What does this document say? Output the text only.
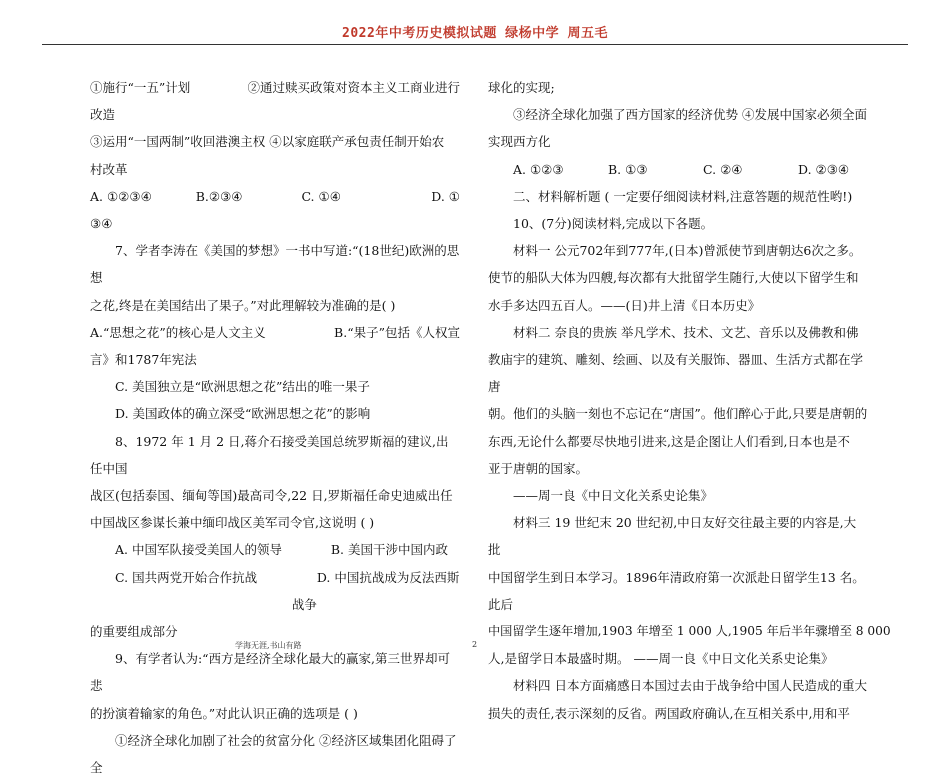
2022年中考历史模拟试题 绿杨中学 周五毛

①施行“一五”计划	②通过赎买政策对资本主义工商业进行

改造

③运用“一国两制”收回港澳主权 ④以家庭联产承包责任制开始农

村改革

A. ①②③④	B.②③④	C. ①④	D. ①

③④

7、学者李涛在《美国的梦想》一书中写道:“(18世纪)欧洲的思想

之花,终是在美国结出了果子。”对此理解较为准确的是( )

A.“思想之花”的核心是人文主义	B.“果子”包括《人权宣

言》和1787年宪法

C. 美国独立是“欧洲思想之花”结出的唯一果子

D. 美国政体的确立深受“欧洲思想之花”的影响

8、1972 年 1 月 2 日,蒋介石接受美国总统罗斯福的建议,出任中国

战区(包括泰国、缅甸等国)最高司令,22 日,罗斯福任命史迪威出任

中国战区参谋长兼中缅印战区美军司令官,这说明 ( )

A. 中国军队接受美国人的领导	B. 美国干涉中国内政

C. 国共两党开始合作抗战	D. 中国抗战成为反法西斯战争

的重要组成部分

9、有学者认为:“西方是经济全球化最大的赢家,第三世界却可悲

的扮演着输家的角色。”对此认识正确的选项是 ( )

①经济全球化加剧了社会的贫富分化 ②经济区域集团化阻碍了全

球化的实现;

③经济全球化加强了西方国家的经济优势 ④发展中国家必须全面

实现西方化

A. ①②③	B. ①③	C. ②④	D. ②③④

二、材料解析题 ( 一定要仔细阅读材料,注意答题的规范性哟!)

10、(7分)阅读材料,完成以下各题。

材料一 公元702年到777年,(日本)曾派使节到唐朝达6次之多。

使节的船队大体为四艘,每次都有大批留学生随行,大使以下留学生和

水手多达四五百人。——(日)井上清《日本历史》

材料二 奈良的贵族 举凡学术、技术、文艺、音乐以及佛教和佛

教庙宇的建筑、雕刻、绘画、以及有关服饰、器皿、生活方式都在学唐

朝。他们的头脑一刻也不忘记在“唐国”。他们醉心于此,只要是唐朝的

东西,无论什么都要尽快地引进来,这是企图让人们看到,日本也是不

亚于唐朝的国家。

——周一良《中日文化关系史论集》

材料三 19 世纪末 20 世纪初,中日友好交往最主要的内容是,大批

中国留学生到日本学习。1896年清政府第一次派赴日留学生13 名。此后

中国留学生逐年增加,1903 年增至 1 000 人,1905 年后半年骤增至 8 000

人,是留学日本最盛时期。 ——周一良《中日文化关系史论集》

材料四 日本方面痛感日本国过去由于战争给中国人民造成的重大

损失的责任,表示深刻的反省。两国政府确认,在互相关系中,用和平

学海无涯,书山有路	2
